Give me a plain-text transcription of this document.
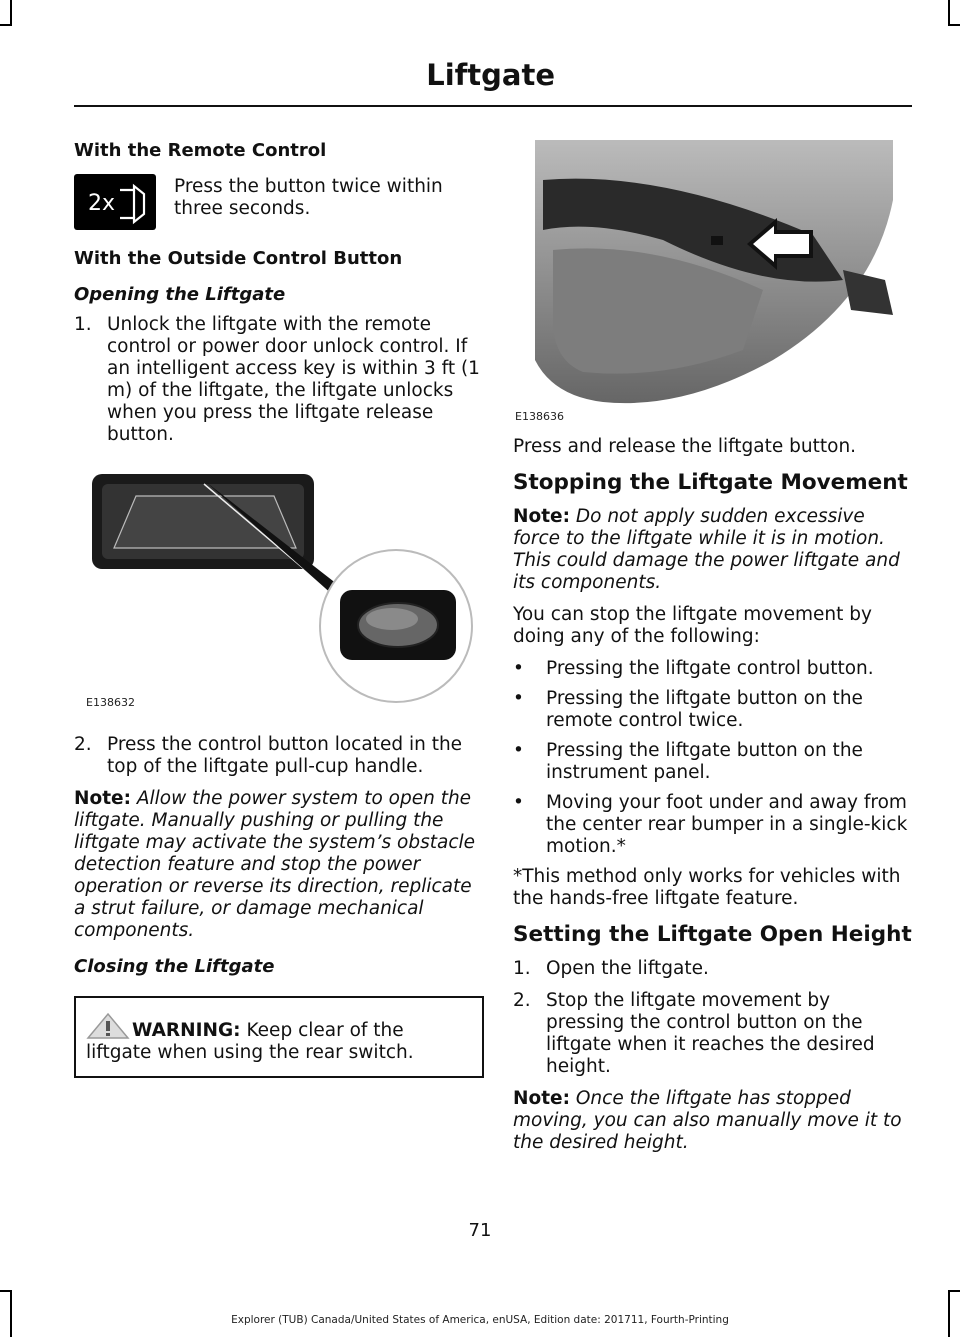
Liftgate
With the Remote Control
2x
Press the button twice within three seconds.
With the Outside Control Button
Opening the Liftgate
1. Unlock the liftgate with the remote control or power door unlock control. If an intelligent access key is within 3 ft (1 m) of the liftgate, the liftgate unlocks when you press the liftgate release button.
E138632
2. Press the control button located in the top of the liftgate pull-cup handle.

Note: Allow the power system to open the liftgate. Manually pushing or pulling the liftgate may activate the system’s obstacle detection feature and stop the power operation or reverse its direction, replicate a strut failure, or damage mechanical components.

Closing the Liftgate
WARNING: Keep clear of the liftgate when using the rear switch.
E138636

Press and release the liftgate button.

Stopping the Liftgate Movement

Note: Do not apply sudden excessive force to the liftgate while it is in motion. This could damage the power liftgate and its components.

You can stop the liftgate movement by doing any of the following:

•	Pressing the liftgate control button.
•	Pressing the liftgate button on the remote control twice.
•	Pressing the liftgate button on the instrument panel.
•	Moving your foot under and away from the center rear bumper in a single-kick motion.*

*This method only works for vehicles with the hands-free liftgate feature.

Setting the Liftgate Open Height
1. Open the liftgate.
2. Stop the liftgate movement by pressing the control button on the liftgate when it reaches the desired height.

Note: Once the liftgate has stopped moving, you can also manually move it to the desired height.

71
Explorer (TUB) Canada/United States of America, enUSA, Edition date: 201711, Fourth-Printing
